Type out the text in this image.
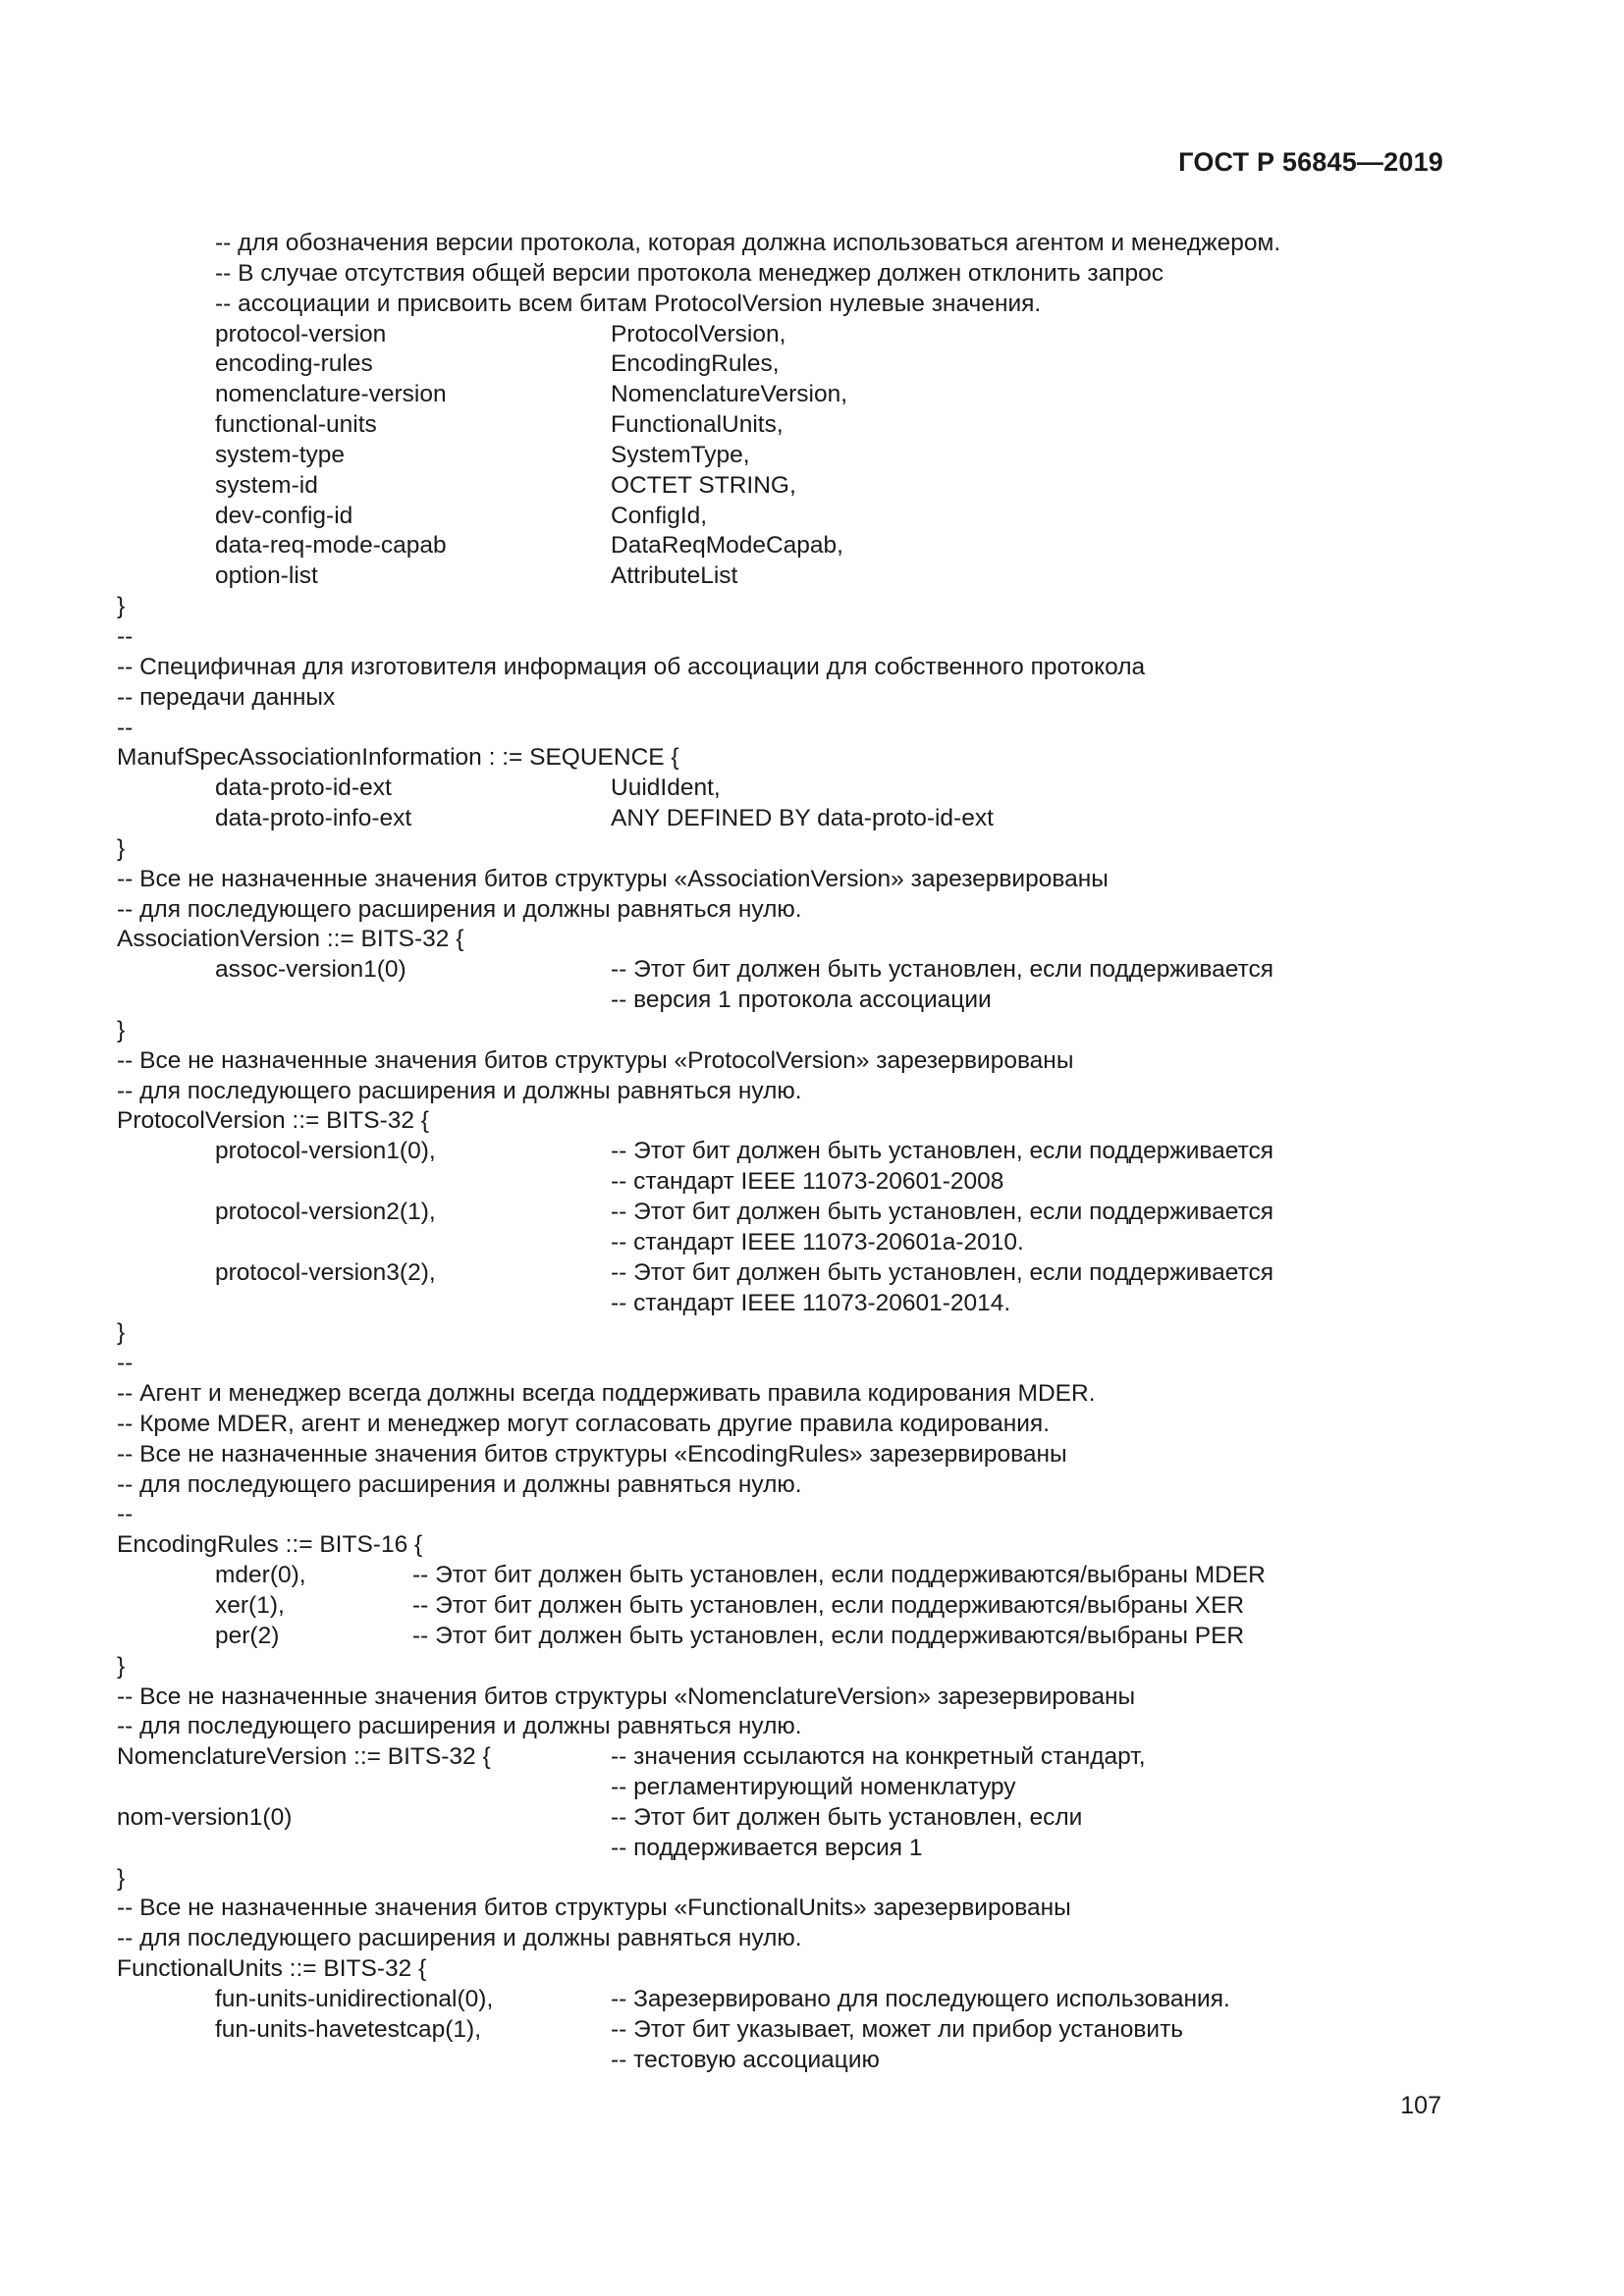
ГОСТ Р 56845—2019
-- для обозначения версии протокола, которая должна использоваться агентом и менеджером.
-- В случае отсутствия общей версии протокола менеджер должен отклонить запрос
-- ассоциации и присвоить всем битам ProtocolVersion нулевые значения.
protocol-version	ProtocolVersion,
encoding-rules	EncodingRules,
nomenclature-version	NomenclatureVersion,
functional-units	FunctionalUnits,
system-type	SystemType,
system-id	OCTET STRING,
dev-config-id	ConfigId,
data-req-mode-capab	DataReqModeCapab,
option-list	AttributeList
}
--
-- Специфичная для изготовителя информация об ассоциации для собственного протокола
-- передачи данных
--
ManufSpecAssociationInformation : := SEQUENCE {
data-proto-id-ext	UuidIdent,
data-proto-info-ext	ANY DEFINED BY data-proto-id-ext
}
-- Все не назначенные значения битов структуры «AssociationVersion» зарезервированы
-- для последующего расширения и должны равняться нулю.
AssociationVersion ::= BITS-32 {
assoc-version1(0)	-- Этот бит должен быть установлен, если поддерживается
-- версия 1 протокола ассоциации
}
-- Все не назначенные значения битов структуры «ProtocolVersion» зарезервированы
-- для последующего расширения и должны равняться нулю.
ProtocolVersion ::= BITS-32 {
protocol-version1(0),	-- Этот бит должен быть установлен, если поддерживается
-- стандарт IEEE 11073-20601-2008
protocol-version2(1),	-- Этот бит должен быть установлен, если поддерживается
-- стандарт IEEE 11073-20601a-2010.
protocol-version3(2),	-- Этот бит должен быть установлен, если поддерживается
-- стандарт IEEE 11073-20601-2014.
}
--
-- Агент и менеджер всегда должны всегда поддерживать правила кодирования MDER.
-- Кроме MDER, агент и менеджер могут согласовать другие правила кодирования.
-- Все не назначенные значения битов структуры «EncodingRules» зарезервированы
-- для последующего расширения и должны равняться нулю.
--
EncodingRules ::= BITS-16 {
mder(0),	-- Этот бит должен быть установлен, если поддерживаются/выбраны MDER
xer(1),	-- Этот бит должен быть установлен, если поддерживаются/выбраны XER
per(2)	-- Этот бит должен быть установлен, если поддерживаются/выбраны PER
}
-- Все не назначенные значения битов структуры «NomenclatureVersion» зарезервированы
-- для последующего расширения и должны равняться нулю.
NomenclatureVersion ::= BITS-32 {	-- значения ссылаются на конкретный стандарт,
-- регламентирующий номенклатуру
nom-version1(0)	-- Этот бит должен быть установлен, если
-- поддерживается версия 1
}
-- Все не назначенные значения битов структуры «FunctionalUnits» зарезервированы
-- для последующего расширения и должны равняться нулю.
FunctionalUnits ::= BITS-32 {
fun-units-unidirectional(0),	-- Зарезервировано для последующего использования.
fun-units-havetestcap(1),	-- Этот бит указывает, может ли прибор установить
-- тестовую ассоциацию
107
